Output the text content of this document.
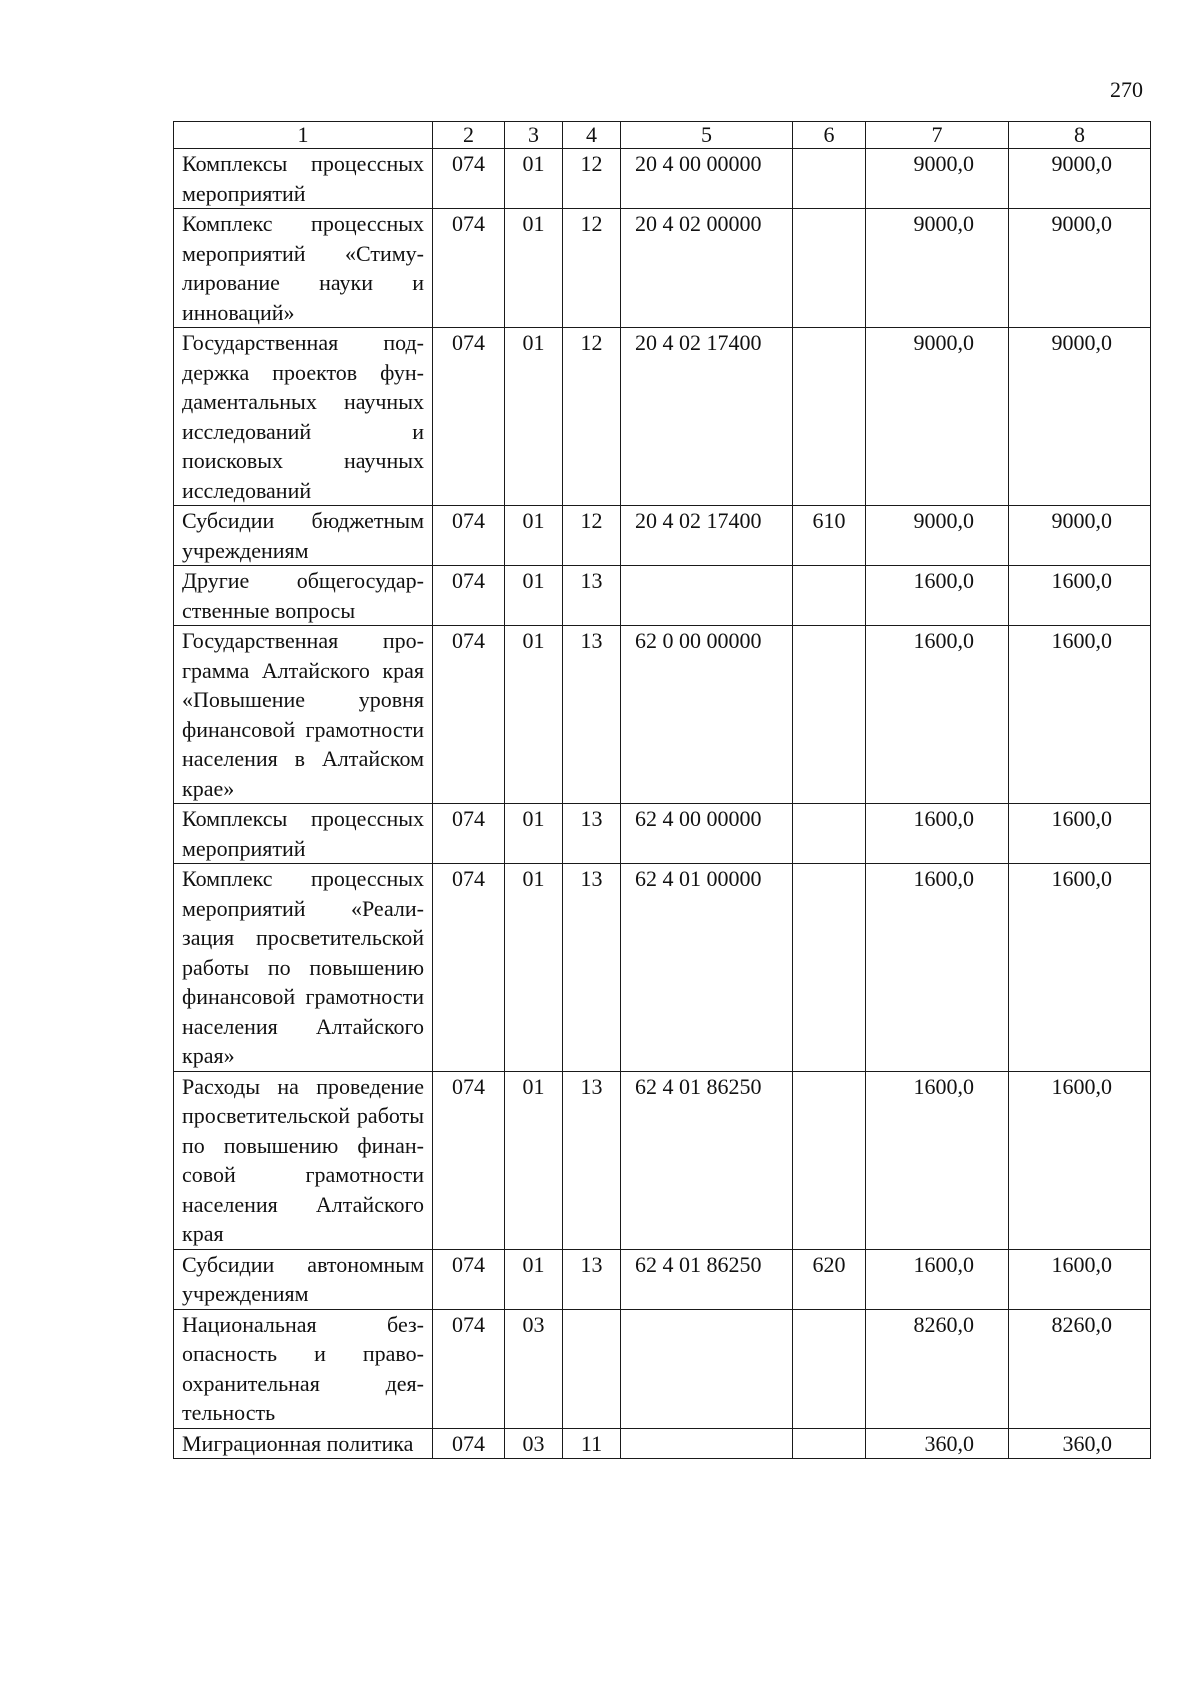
270
1	2	3	4	5	6	7	8
Комплексы процессных мероприятий	074	01	12	20 4 00 00000		9000,0	9000,0
Комплекс процессных мероприятий «Стимулирование науки и инноваций»	074	01	12	20 4 02 00000		9000,0	9000,0
Государственная поддержка проектов фундаментальных научных исследований и поисковых научных исследований	074	01	12	20 4 02 17400		9000,0	9000,0
Субсидии бюджетным учреждениям	074	01	12	20 4 02 17400	610	9000,0	9000,0
Другие общегосударственные вопросы	074	01	13			1600,0	1600,0
Государственная программа Алтайского края «Повышение уровня финансовой грамотности населения в Алтайском крае»	074	01	13	62 0 00 00000		1600,0	1600,0
Комплексы процессных мероприятий	074	01	13	62 4 00 00000		1600,0	1600,0
Комплекс процессных мероприятий «Реализация просветительской работы по повышению финансовой грамотности населения Алтайского края»	074	01	13	62 4 01 00000		1600,0	1600,0
Расходы на проведение просветительской работы по повышению финансовой грамотности населения Алтайского края	074	01	13	62 4 01 86250		1600,0	1600,0
Субсидии автономным учреждениям	074	01	13	62 4 01 86250	620	1600,0	1600,0
Национальная безопасность и правоохранительная деятельность	074	03				8260,0	8260,0
Миграционная политика	074	03	11			360,0	360,0
